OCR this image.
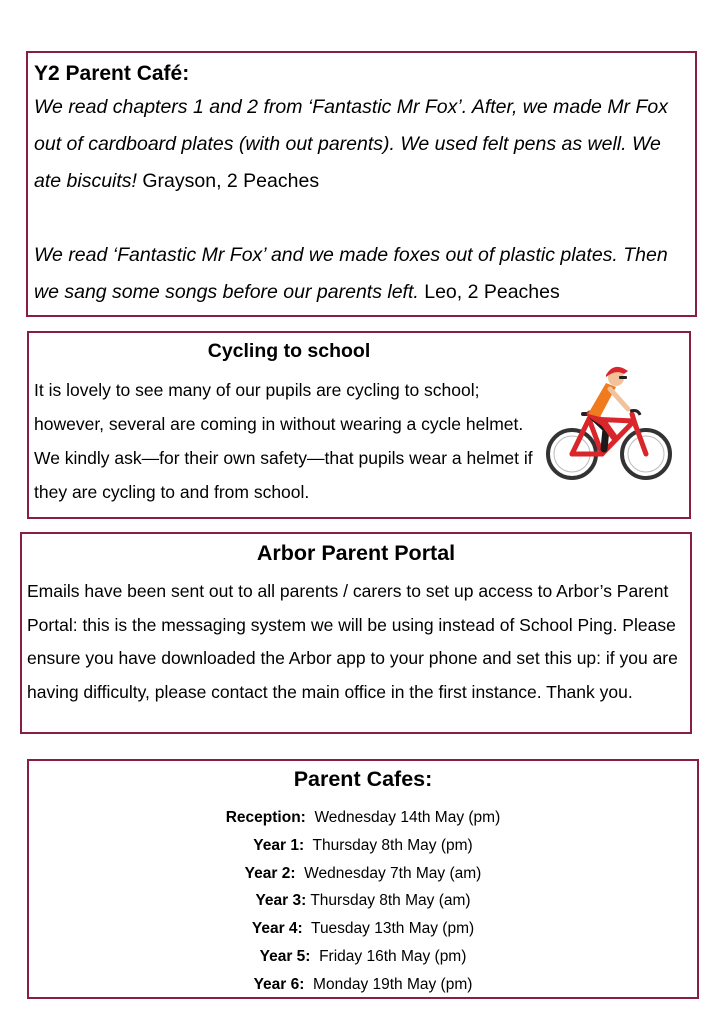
Y2 Parent Café:

We read chapters 1 and 2 from ‘Fantastic Mr Fox’. After, we made Mr Fox out of cardboard plates (with out parents). We used felt pens as well. We ate biscuits! Grayson, 2 Peaches

We read ‘Fantastic Mr Fox’ and we made foxes out of plastic plates. Then we sang some songs before our parents left. Leo, 2 Peaches

Cycling to school
It is lovely to see many of our pupils are cycling to school; however, several are coming in without wearing a cycle helmet. We kindly ask—for their own safety—that pupils wear a helmet if they are cycling to and from school.
Arbor Parent Portal
Emails have been sent out to all parents / carers to set up access to Arbor’s Parent Portal: this is the messaging system we will be using instead of School Ping. Please ensure you have downloaded the Arbor app to your phone and set this up: if you are having difficulty, please contact the main office in the first instance. Thank you.
Parent Cafes:
Reception: Wednesday 14th May (pm)
Year 1: Thursday 8th May (pm)
Year 2: Wednesday 7th May (am)
Year 3: Thursday 8th May (am)
Year 4: Tuesday 13th May (pm)
Year 5: Friday 16th May (pm)
Year 6: Monday 19th May (pm)
